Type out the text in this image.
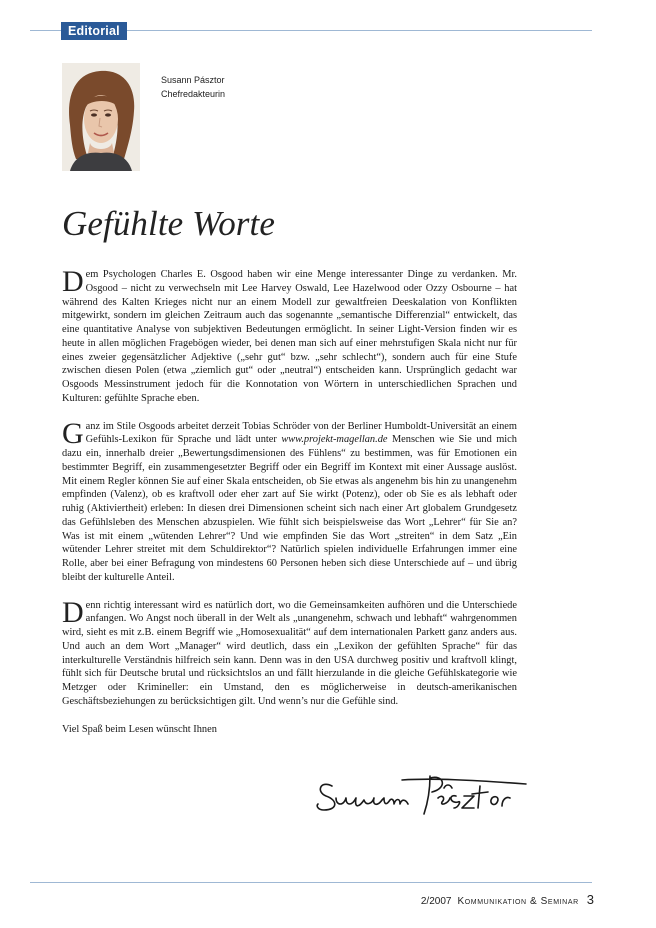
Editorial
Susann Pásztor
Chefredakteurin
Gefühlte Worte

Dem Psychologen Charles E. Osgood haben wir eine Menge interessanter Dinge zu verdanken. Mr. Osgood – nicht zu verwechseln mit Lee Harvey Oswald, Lee Hazelwood oder Ozzy Osbourne – hat während des Kalten Krieges nicht nur an einem Modell zur gewaltfreien Deeskalation von Konflikten mitgewirkt, sondern im gleichen Zeitraum auch das sogenannte „semantische Differenzial“ entwickelt, das eine quantitative Analyse von subjektiven Bedeutungen ermöglicht. In seiner Light-Version finden wir es heute in allen möglichen Fragebögen wieder, bei denen man sich auf einer mehrstufigen Skala nicht nur für eines zweier gegensätzlicher Adjektive („sehr gut“ bzw. „sehr schlecht“), sondern auch für eine Stufe zwischen diesen Polen (etwa „ziemlich gut“ oder „neutral“) entscheiden kann. Ursprünglich gedacht war Osgoods Messinstrument jedoch für die Konnotation von Wörtern in unterschiedlichen Sprachen und Kulturen: gefühlte Sprache eben.

Ganz im Stile Osgoods arbeitet derzeit Tobias Schröder von der Berliner Humboldt-Universität an einem Gefühls-Lexikon für Sprache und lädt unter www.projekt-magellan.de Menschen wie Sie und mich dazu ein, innerhalb dreier „Bewertungsdimensionen des Fühlens“ zu bestimmen, was für Emotionen ein bestimmter Begriff, ein zusammengesetzter Begriff oder ein Begriff im Kontext mit einer Aussage auslöst. Mit einem Regler können Sie auf einer Skala entscheiden, ob Sie etwas als angenehm bis hin zu unangenehm empfinden (Valenz), ob es kraftvoll oder eher zart auf Sie wirkt (Potenz), oder ob Sie es als lebhaft oder ruhig (Aktiviertheit) erleben: In diesen drei Dimensionen scheint sich nach einer Art globalem Grundgesetz das Gefühlsleben des Menschen abzuspielen. Wie fühlt sich beispielsweise das Wort „Lehrer“ für Sie an? Was ist mit einem „wütenden Lehrer“? Und wie empfinden Sie das Wort „streiten“ in dem Satz „Ein wütender Lehrer streitet mit dem Schuldirektor“? Natürlich spielen individuelle Erfahrungen immer eine Rolle, aber bei einer Befragung von mindestens 60 Personen heben sich diese Unterschiede auf – und übrig bleibt der kulturelle Anteil.

Denn richtig interessant wird es natürlich dort, wo die Gemeinsamkeiten aufhören und die Unterschiede anfangen. Wo Angst noch überall in der Welt als „unangenehm, schwach und lebhaft“ wahrgenommen wird, sieht es mit z.B. einem Begriff wie „Homosexualität“ auf dem internationalen Parkett ganz anders aus. Und auch an dem Wort „Manager“ wird deutlich, dass ein „Lexikon der gefühlten Sprache“ für das interkulturelle Verständnis hilfreich sein kann. Denn was in den USA durchweg positiv und kraftvoll klingt, fühlt sich für Deutsche brutal und rücksichtslos an und fällt hierzulande in die gleiche Gefühlskategorie wie Metzger oder Krimineller: ein Umstand, den es möglicherweise in deutsch-amerikanischen Geschäftsbeziehungen zu berücksichtigen gilt. Und wenn’s nur die Gefühle sind.

Viel Spaß beim Lesen wünscht Ihnen

2/2007 Kommunikation & Seminar 3
